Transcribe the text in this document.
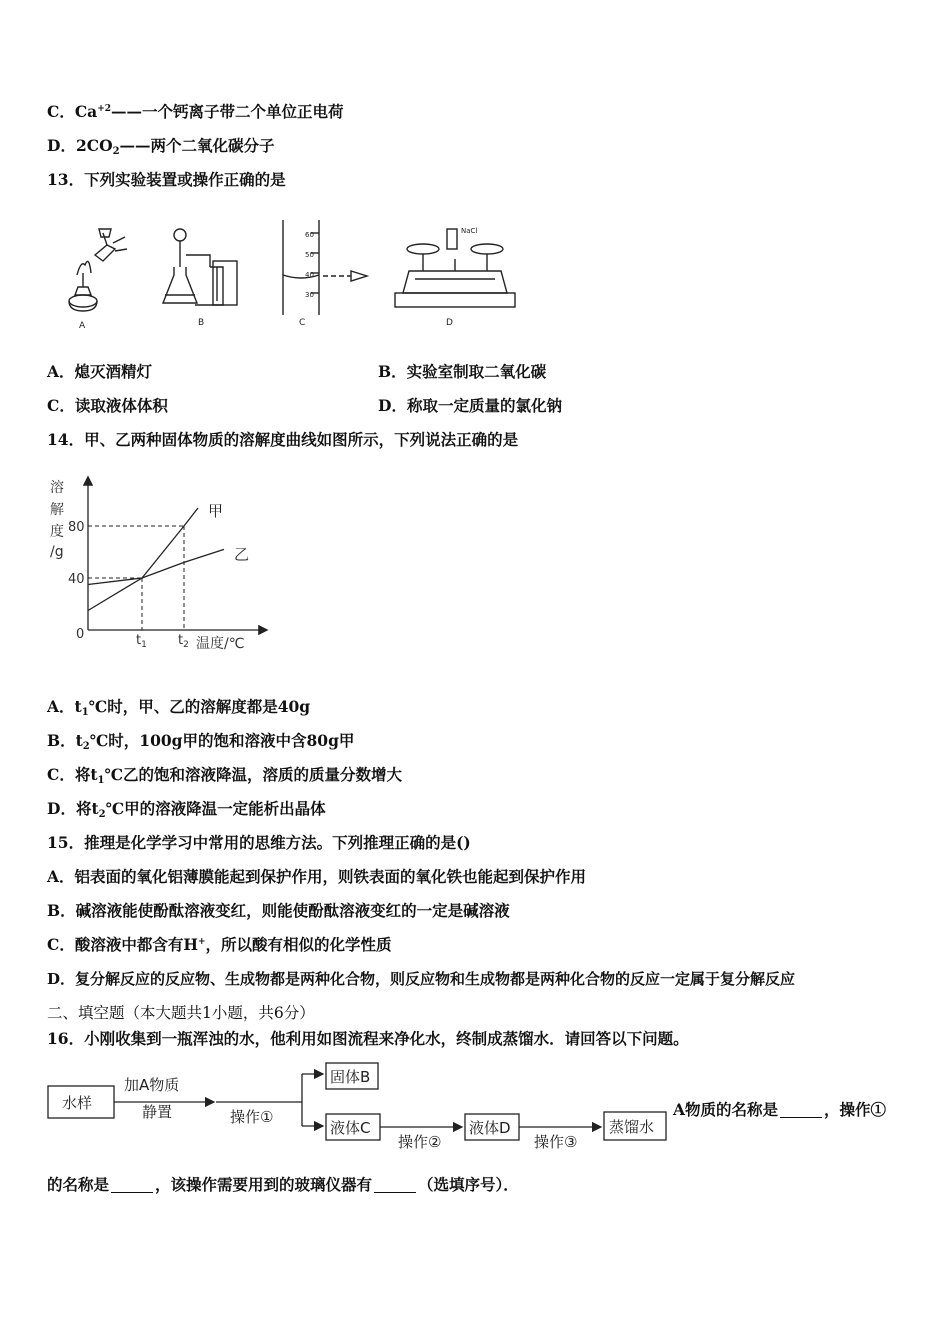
C．$Ca^{+2}——$一个钙离子带二个单位正电荷
D．$2CO_2——$两个二氧化碳分子
13．下列实验装置或操作正确的是
A	B
60
50
40
30
C
NaCl
D
A．熄灭酒精灯	B．实验室制取二氧化碳
C．读取液体体积	D．称取一定质量的氯化钠
14．甲、乙两种固体物质的溶解度曲线如图所示，下列说法正确的是
溶
解
度
/g
0
温度/℃
40
80
$t_1$ $t_2$
甲
乙
A．$t_1℃$时，甲、乙的溶解度都是40g
B．$t_2℃$时，100g甲的饱和溶液中含80g甲
C．将$t_1℃$乙的饱和溶液降温，溶质的质量分数增大
D．将$t_2℃$甲的溶液降温一定能析出晶体
15．推理是化学学习中常用的思维方法。下列推理正确的是()
A．铝表面的氧化铝薄膜能起到保护作用，则铁表面的氧化铁也能起到保护作用
B．碱溶液能使酚酞溶液变红，则能使酚酞溶液变红的一定是碱溶液
C．酸溶液中都含有H+，所以酸有相似的化学性质
D．复分解反应的反应物、生成物都是两种化合物，则反应物和生成物都是两种化合物的反应一定属于复分解反应
二、填空题（本大题共1小题，共6分）
16．小刚收集到一瓶浑浊的水，他利用如图流程来净化水，终制成蒸馏水．请回答以下问题。
水样
加A物质
静置	操作①
固体B
液体C
操作②
液体D
操作③
蒸馏水
A物质的名称是	，操作①
的名称是	，该操作需要用到的玻璃仪器有	（选填序号）．
